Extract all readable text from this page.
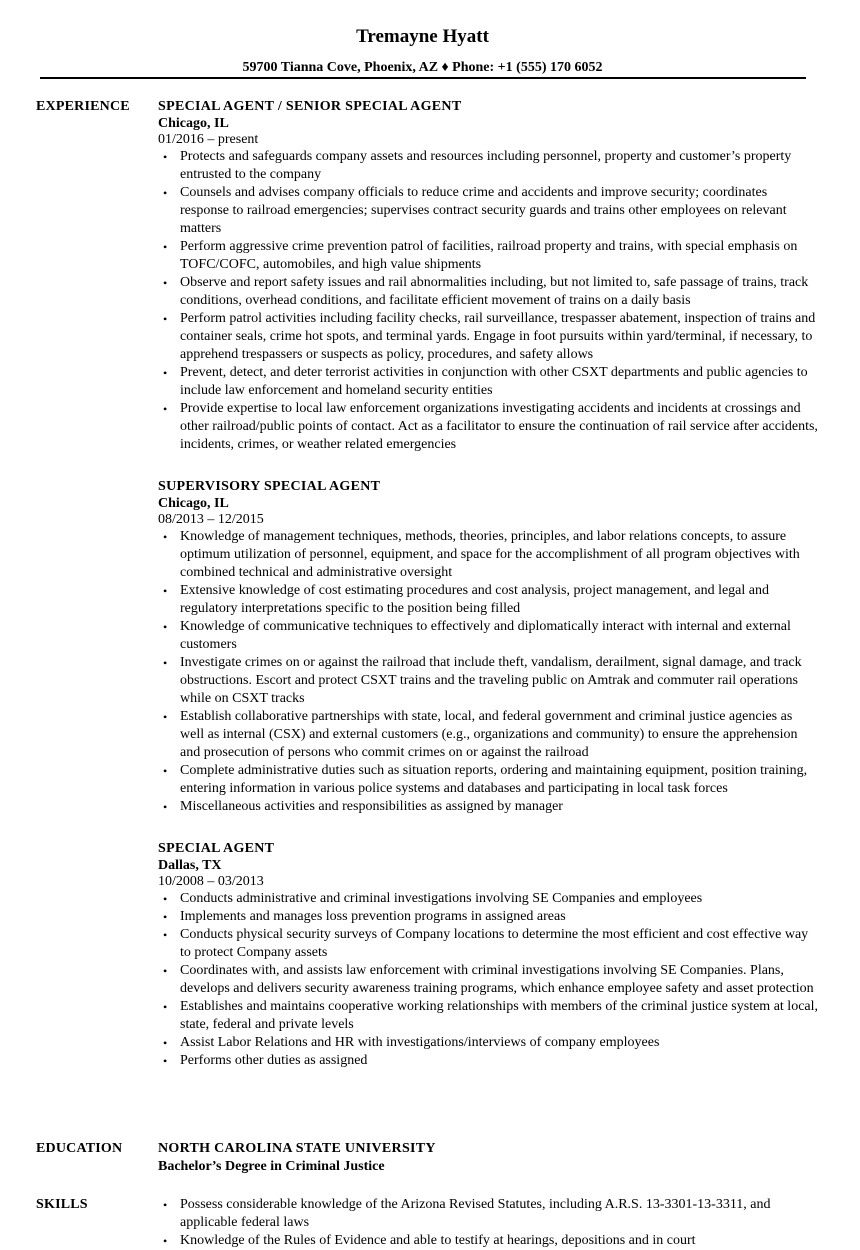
Tremayne Hyatt
59700 Tianna Cove, Phoenix, AZ ♦ Phone: +1 (555) 170 6052
EXPERIENCE SPECIAL AGENT / SENIOR SPECIAL AGENT
Chicago, IL
01/2016 – present
• Protects and safeguards company assets and resources including personnel, property and customer’s property entrusted to the company
• Counsels and advises company officials to reduce crime and accidents and improve security; coordinates response to railroad emergencies; supervises contract security guards and trains other employees on relevant matters
• Perform aggressive crime prevention patrol of facilities, railroad property and trains, with special emphasis on TOFC/COFC, automobiles, and high value shipments
• Observe and report safety issues and rail abnormalities including, but not limited to, safe passage of trains, track conditions, overhead conditions, and facilitate efficient movement of trains on a daily basis
• Perform patrol activities including facility checks, rail surveillance, trespasser abatement, inspection of trains and container seals, crime hot spots, and terminal yards. Engage in foot pursuits within yard/terminal, if necessary, to apprehend trespassers or suspects as policy, procedures, and safety allows
• Prevent, detect, and deter terrorist activities in conjunction with other CSXT departments and public agencies to include law enforcement and homeland security entities
• Provide expertise to local law enforcement organizations investigating accidents and incidents at crossings and other railroad/public points of contact. Act as a facilitator to ensure the continuation of rail service after accidents, incidents, crimes, or weather related emergencies
SUPERVISORY SPECIAL AGENT
Chicago, IL
08/2013 – 12/2015
• Knowledge of management techniques, methods, theories, principles, and labor relations concepts, to assure optimum utilization of personnel, equipment, and space for the accomplishment of all program objectives with combined technical and administrative oversight
• Extensive knowledge of cost estimating procedures and cost analysis, project management, and legal and regulatory interpretations specific to the position being filled
• Knowledge of communicative techniques to effectively and diplomatically interact with internal and external customers
• Investigate crimes on or against the railroad that include theft, vandalism, derailment, signal damage, and track obstructions. Escort and protect CSXT trains and the traveling public on Amtrak and commuter rail operations while on CSXT tracks
• Establish collaborative partnerships with state, local, and federal government and criminal justice agencies as well as internal (CSX) and external customers (e.g., organizations and community) to ensure the apprehension and prosecution of persons who commit crimes on or against the railroad
• Complete administrative duties such as situation reports, ordering and maintaining equipment, position training, entering information in various police systems and databases and participating in local task forces
• Miscellaneous activities and responsibilities as assigned by manager
SPECIAL AGENT
Dallas, TX
10/2008 – 03/2013
• Conducts administrative and criminal investigations involving SE Companies and employees
• Implements and manages loss prevention programs in assigned areas
• Conducts physical security surveys of Company locations to determine the most efficient and cost effective way to protect Company assets
• Coordinates with, and assists law enforcement with criminal investigations involving SE Companies. Plans, develops and delivers security awareness training programs, which enhance employee safety and asset protection
• Establishes and maintains cooperative working relationships with members of the criminal justice system at local, state, federal and private levels
• Assist Labor Relations and HR with investigations/interviews of company employees
• Performs other duties as assigned
EDUCATION	NORTH CAROLINA STATE UNIVERSITY
Bachelor’s Degree in Criminal Justice
SKILLS	• Possess considerable knowledge of the Arizona Revised Statutes, including A.R.S. 13-3301-13-3311, and applicable federal laws
• Knowledge of the Rules of Evidence and able to testify at hearings, depositions and in court
